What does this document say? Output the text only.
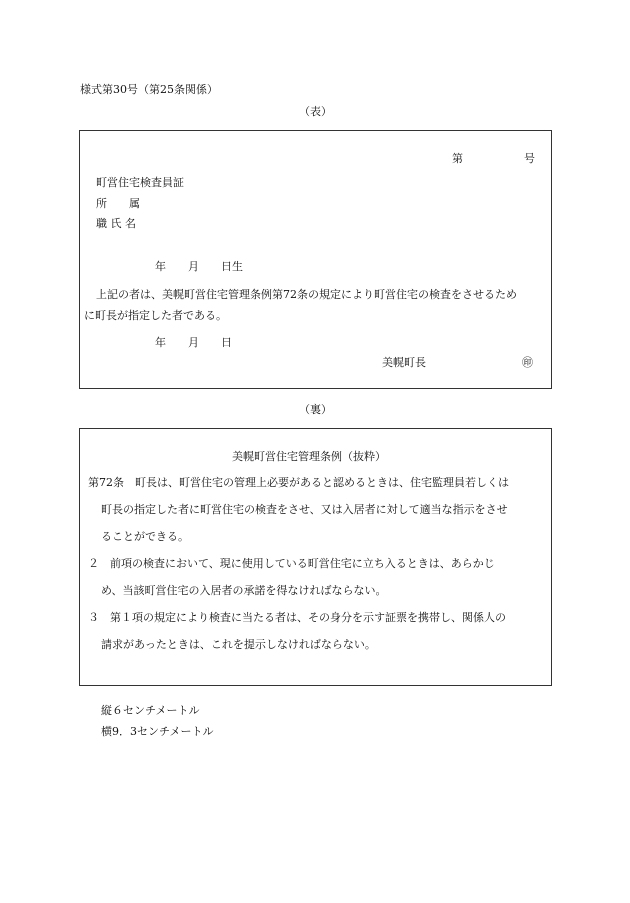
様式第30号（第25条関係）
（表）
第	号
町営住宅検査員証
所　　属
職 氏 名
年　　月　　日生
上記の者は、美幌町営住宅管理条例第72条の規定により町営住宅の検査をさせるため
に町長が指定した者である。
年　　月　　日
美幌町長	㊞
（裏）
美幌町営住宅管理条例（抜粋）
第72条　町長は、町営住宅の管理上必要があると認めるときは、住宅監理員若しくは
町長の指定した者に町営住宅の検査をさせ、又は入居者に対して適当な指示をさせ
ることができる。
２　前項の検査において、現に使用している町営住宅に立ち入るときは、あらかじ
め、当該町営住宅の入居者の承諾を得なければならない。
３　第１項の規定により検査に当たる者は、その身分を示す証票を携帯し、関係人の
請求があったときは、これを提示しなければならない。
縦６センチメートル
横9．3センチメートル
